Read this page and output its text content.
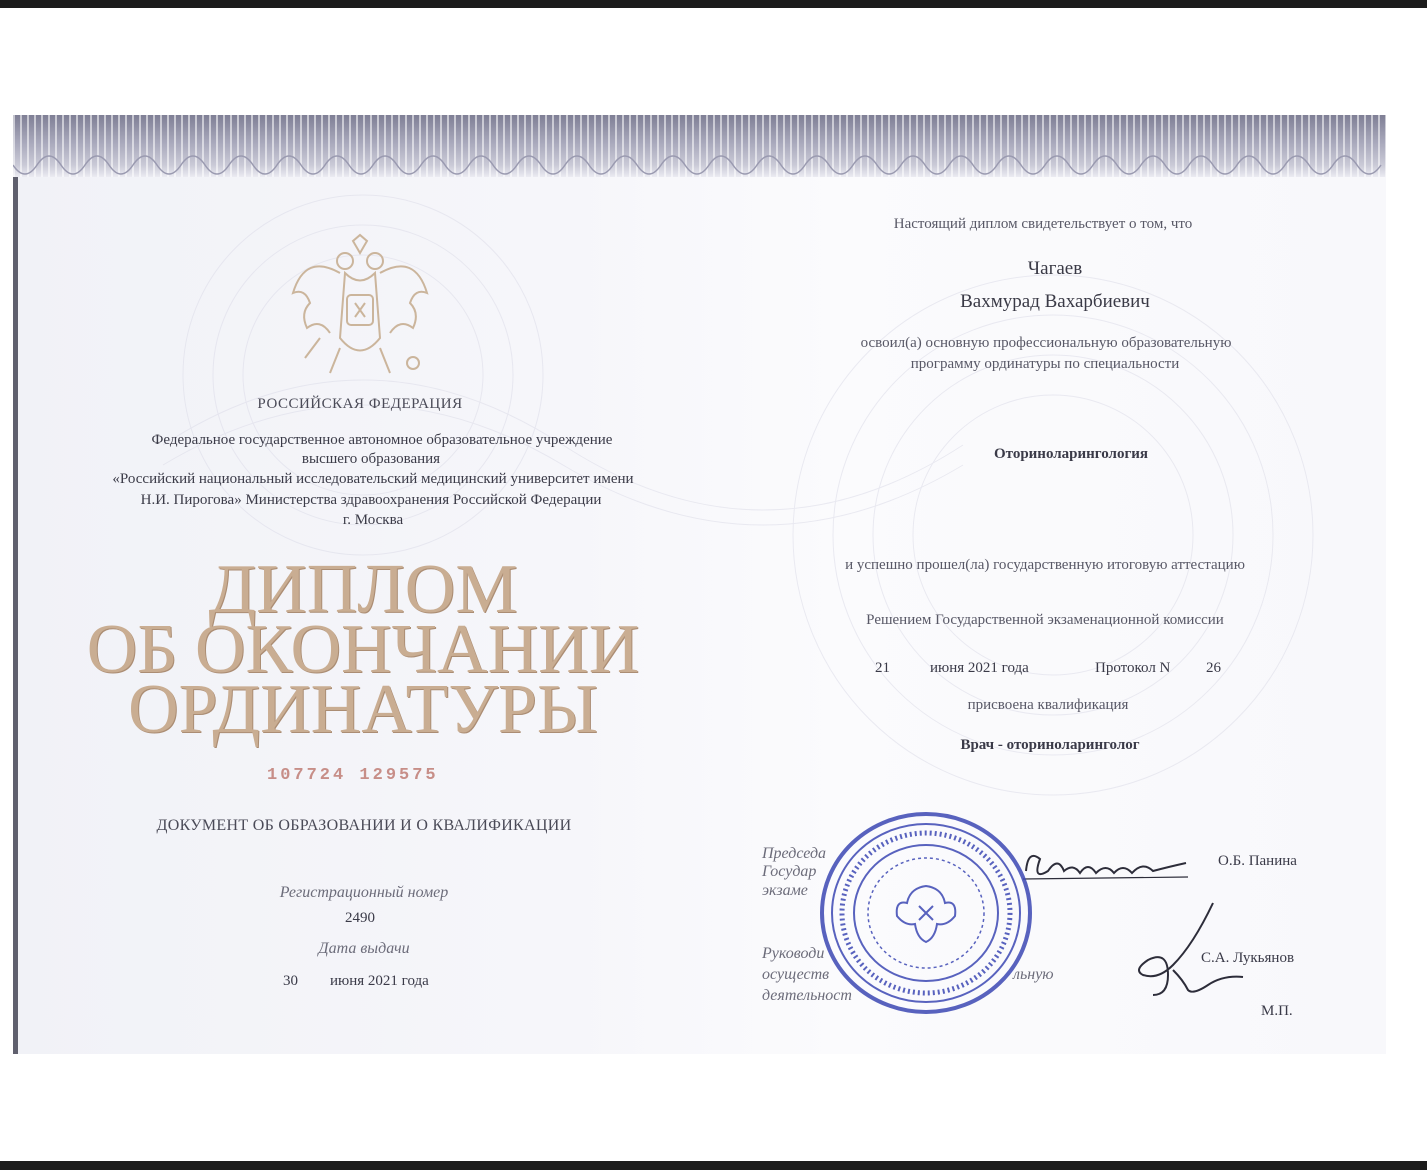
РОССИЙСКАЯ ФЕДЕРАЦИЯ
Федеральное государственное автономное образовательное учреждение
высшего образования
«Российский национальный исследовательский медицинский университет имени
Н.И. Пирогова» Министерства здравоохранения Российской Федерации
г. Москва
ДИПЛОМ
ОБ ОКОНЧАНИИ
ОРДИНАТУРЫ
107724 129575
ДОКУМЕНТ ОБ ОБРАЗОВАНИИ И О КВАЛИФИКАЦИИ
Регистрационный номер
2490
Дата выдачи
30 июня 2021 года
Настоящий диплом свидетельствует о том, что
Чагаев
Вахмурад Вахарбиевич
освоил(а) основную профессиональную образовательную
программу ординатуры по специальности
Оториноларингология
и успешно прошел(ла) государственную итоговую аттестацию
Решением Государственной экзаменационной комиссии
21	июня 2021 года	Протокол N 26
присвоена квалификация
Врач - оториноларинголог
Председа
Государ
экзаме
О.Б. Панина
Руководи
осуществ
деятельност
льную
С.А. Лукьянов
М.П.
